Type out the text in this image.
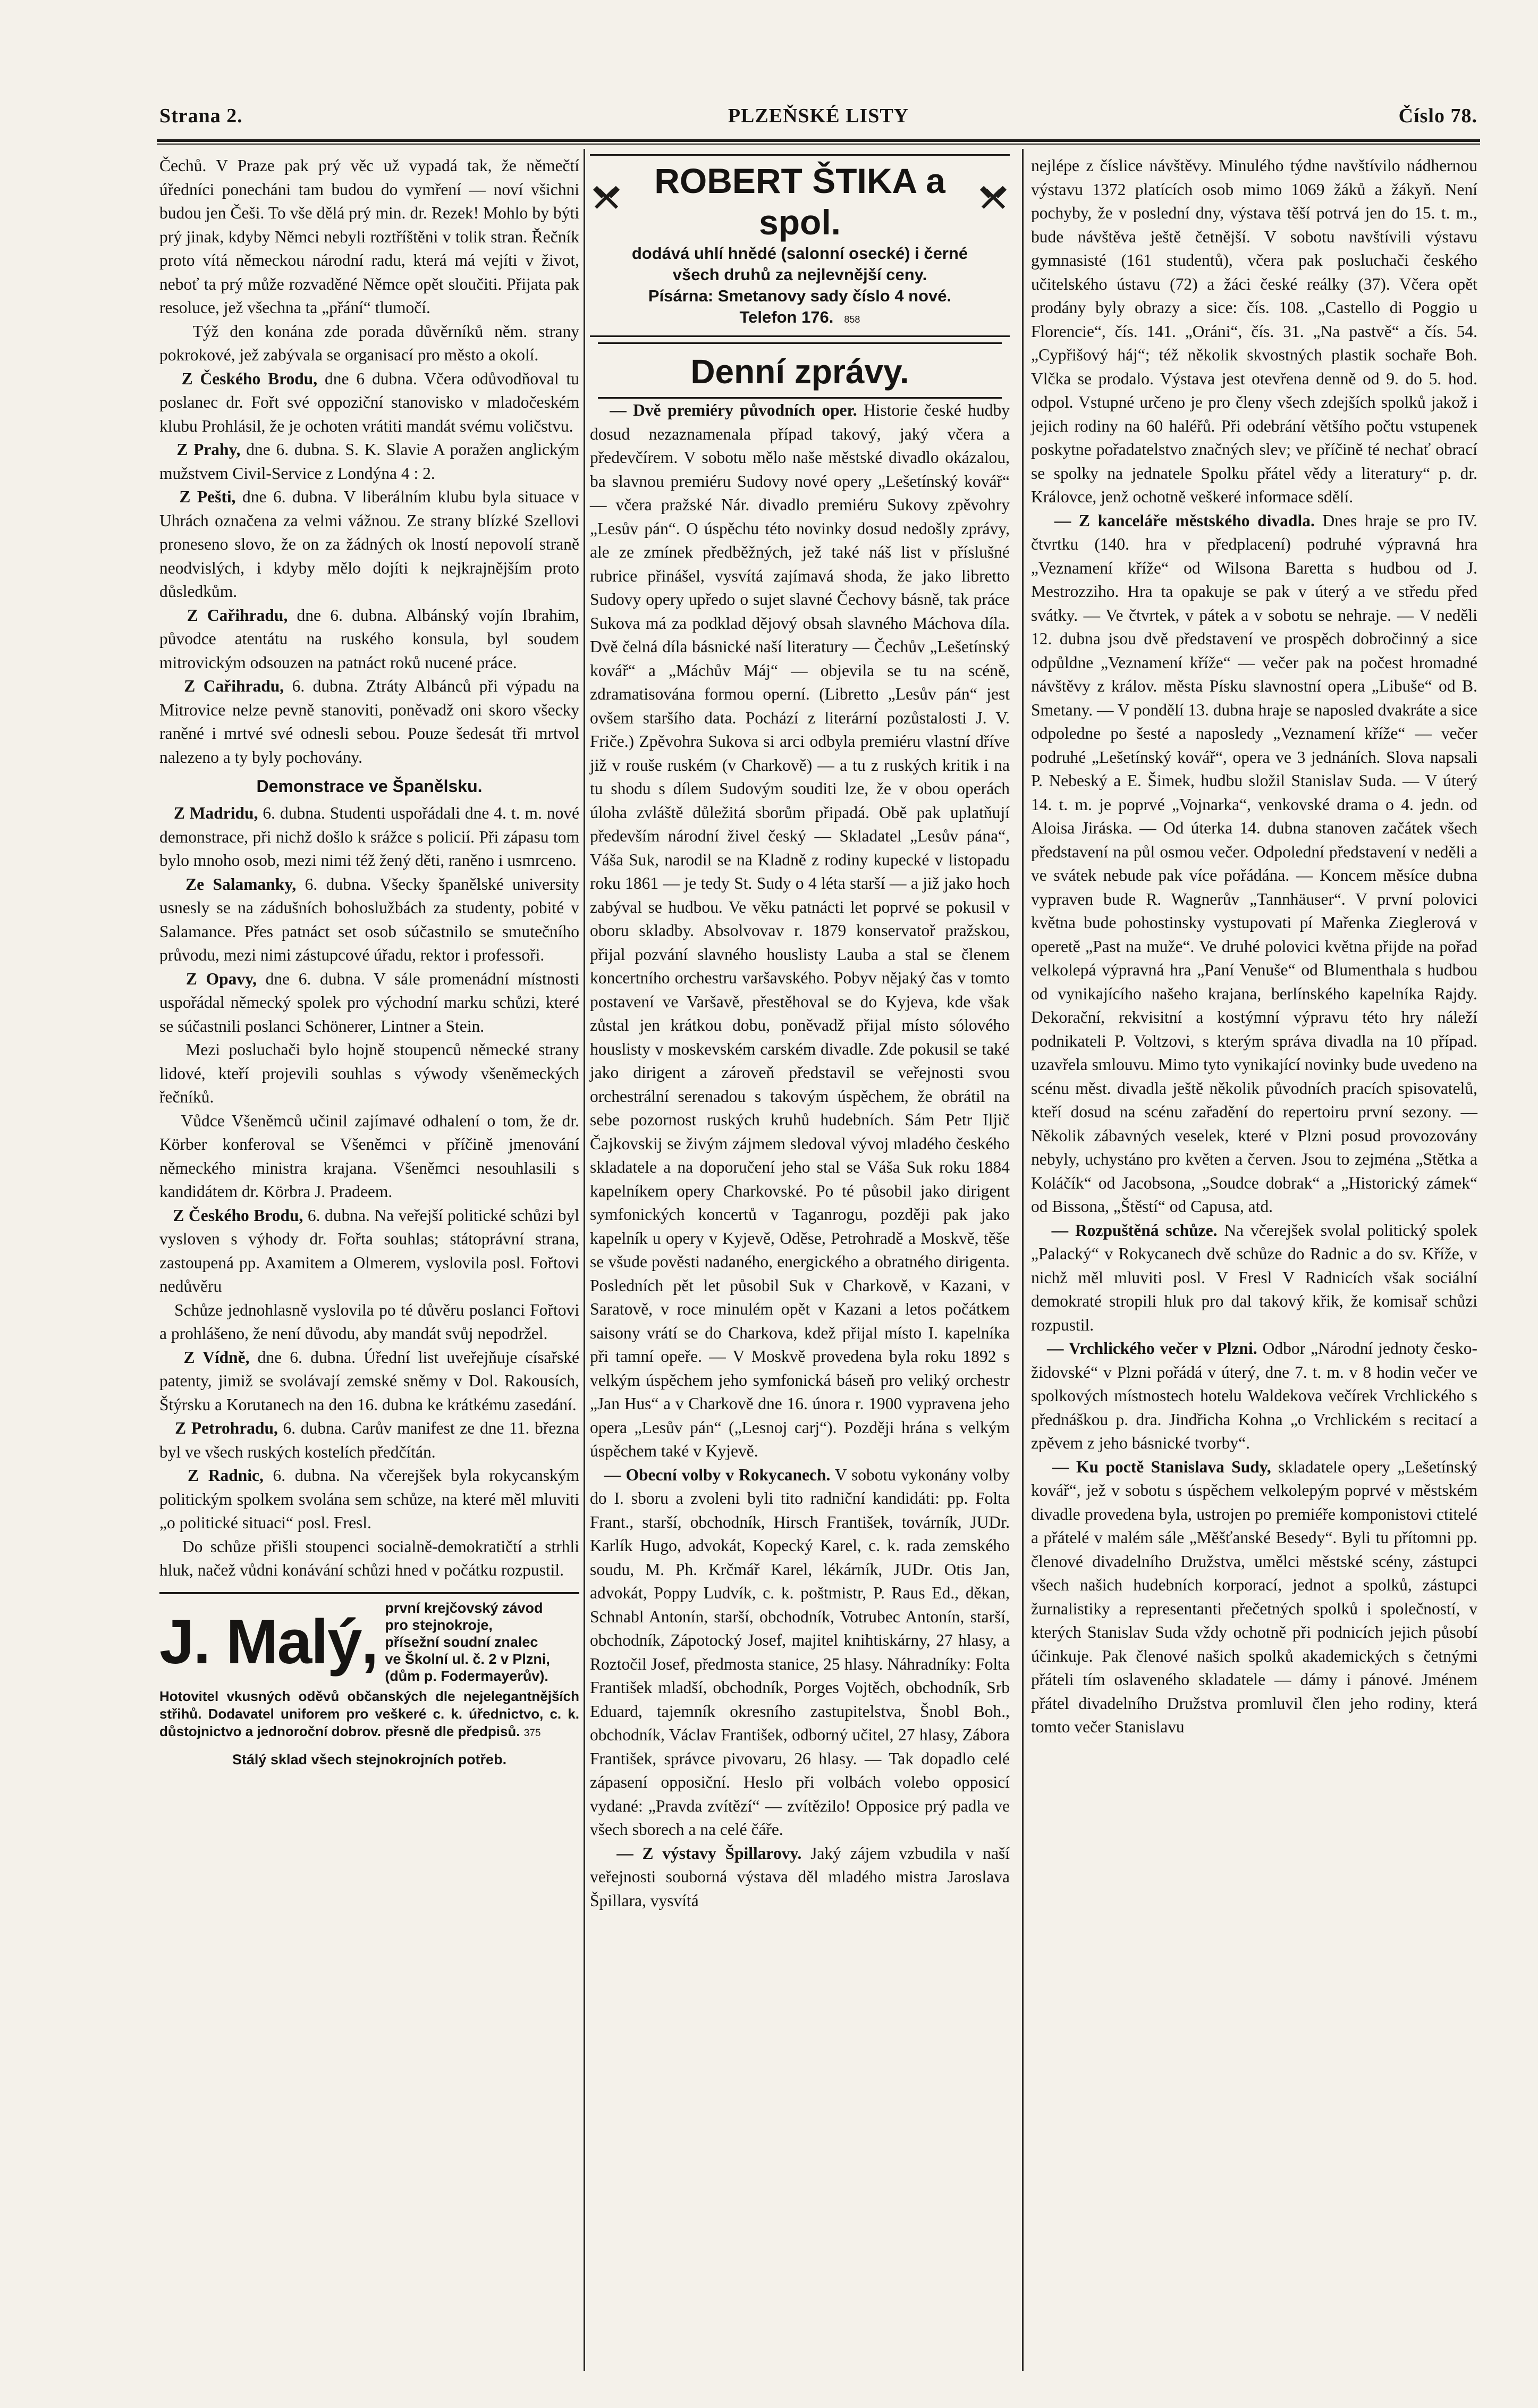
Strana 2.	PLZEŇSKÉ LISTY	Číslo 78.

Čechů. V Praze pak prý věc už vypadá tak, že němečtí úředníci ponecháni tam budou do vymření — noví všichni budou jen Češi. To vše dělá prý min. dr. Rezek! Mohlo by býti prý jinak, kdyby Němci nebyli roztříštěni v tolik stran. Řečník proto vítá německou národní radu, která má vejíti v život, neboť ta prý může rozvaděné Němce opět sloučiti. Přijata pak resoluce, jež všechna ta „přání“ tlumočí.

Týž den konána zde porada důvěrníků něm. strany pokrokové, jež zabývala se organisací pro město a okolí.

Z Českého Brodu, dne 6 dubna. Včera odůvodňoval tu poslanec dr. Fořt své oppoziční stanovisko v mladočeském klubu Prohlásil, že je ochoten vrátiti mandát svému voličstvu.

Z Prahy, dne 6. dubna. S. K. Slavie A poražen anglickým mužstvem Civil-Service z Londýna 4 : 2.

Z Pešti, dne 6. dubna. V liberálním klubu byla situace v Uhrách označena za velmi vážnou. Ze strany blízké Szellovi proneseno slovo, že on za žádných ok lností nepovolí straně neodvislých, i kdyby mělo dojíti k nejkrajnějším proto důsledkům.

Z Cařihradu, dne 6. dubna. Albánský vojín Ibrahim, původce atentátu na ruského konsula, byl soudem mitrovickým odsouzen na patnáct roků nucené práce.

Z Cařihradu, 6. dubna. Ztráty Albánců při výpadu na Mitrovice nelze pevně stanoviti, poněvadž oni skoro všecky raněné i mrtvé své odnesli sebou. Pouze šedesát tři mrtvol nalezeno a ty byly pochovány.

Demonstrace ve Španělsku.

Z Madridu, 6. dubna. Studenti uspořádali dne 4. t. m. nové demonstrace, při nichž došlo k srážce s policií. Při zápasu tom bylo mnoho osob, mezi nimi též žený děti, raněno i usmrceno.

Ze Salamanky, 6. dubna. Všecky španělské university usnesly se na zádušních bohoslužbách za studenty, pobité v Salamance. Přes patnáct set osob súčastnilo se smutečního průvodu, mezi nimi zástupcové úřadu, rektor i professoři.

Z Opavy, dne 6. dubna. V sále promenádní místnosti uspořádal německý spolek pro východní marku schůzi, které se súčastnili poslanci Schönerer, Lintner a Stein.

Mezi posluchači bylo hojně stoupenců německé strany lidové, kteří projevili souhlas s výwody všeněmeckých řečníků.

Vůdce Všeněmců učinil zajímavé odhalení o tom, že dr. Körber konferoval se Všeněmci v příčině jmenování německého ministra krajana. Všeněmci nesouhlasili s kandidátem dr. Körbra J. Pradeem.

Z Českého Brodu, 6. dubna. Na veřejší politické schůzi byl vysloven s výhody dr. Fořta souhlas; státoprávní strana, zastoupená pp. Axamitem a Olmerem, vyslovila posl. Fořtovi nedůvěru

Schůze jednohlasně vyslovila po té důvěru poslanci Fořtovi a prohlášeno, že není důvodu, aby mandát svůj nepodržel.

Z Vídně, dne 6. dubna. Úřední list uveřejňuje císařské patenty, jimiž se svolávají zemské sněmy v Dol. Rakousích, Štýrsku a Korutanech na den 16. dubna ke krátkému zasedání.

Z Petrohradu, 6. dubna. Carův manifest ze dne 11. března byl ve všech ruských kostelích předčítán.

Z Radnic, 6. dubna. Na včerejšek byla rokycanským politickým spolkem svolána sem schůze, na které měl mluviti „o politické situaci“ posl. Fresl.

Do schůze přišli stoupenci socialně-demokratičtí a strhli hluk, načež vůdni konávání schůzi hned v počátku rozpustil.

J. Malý, první krejčovský závod
pro stejnokroje,
přísežní soudní znalec
ve Školní ul. č. 2 v Plzni,
(dům p. Fodermayerův).
Hotovitel vkusných oděvů občanských dle nejelegantnějších střihů. Dodavatel uniforem pro veškeré c. k. úřednictvo, c. k. důstojnictvo a jednoroční dobrov. přesně dle předpisů. 375
Stálý sklad všech stejnokrojních potřeb.
ROBERT ŠTIKA a spol.
dodává uhlí hnědé (salonní osecké) i černé
všech druhů za nejlevnější ceny.
Písárna: Smetanovy sady číslo 4 nové.
Telefon 176. 858
Denní zprávy.

— Dvě premiéry původních oper. Historie české hudby dosud nezaznamenala případ takový, jaký včera a předevčírem. V sobotu mělo naše městské divadlo okázalou, ba slavnou premiéru Sudovy nové opery „Lešetínský kovář“ — včera pražské Nár. divadlo premiéru Sukovy zpěvohry „Lesův pán“. O úspěchu této novinky dosud nedošly zprávy, ale ze zmínek předběžných, jež také náš list v příslušné rubrice přinášel, vysvítá zajímavá shoda, že jako libretto Sudovy opery upředo o sujet slavné Čechovy básně, tak práce Sukova má za podklad dějový obsah slavného Máchova díla. Dvě čelná díla básnické naší literatury — Čechův „Lešetínský kovář“ a „Máchův Máj“ — objevila se tu na scéně, zdramatisována formou operní. (Libretto „Lesův pán“ jest ovšem staršího data. Pochází z literární pozůstalosti J. V. Friče.) Zpěvohra Sukova si arci odbyla premiéru vlastní dříve již v rouše ruském (v Charkově) — a tu z ruských kritik i na tu shodu s dílem Sudovým souditi lze, že v obou operách úloha zvláště důležitá sborům připadá. Obě pak uplatňují především národní živel český — Skladatel „Lesův pána“, Váša Suk, narodil se na Kladně z rodiny kupecké v listopadu roku 1861 — je tedy St. Sudy o 4 léta starší — a již jako hoch zabýval se hudbou. Ve věku patnácti let poprvé se pokusil v oboru skladby. Absolvovav r. 1879 konservatoř pražskou, přijal pozvání slavného houslisty Lauba a stal se členem koncertního orchestru varšavského. Pobyv nějaký čas v tomto postavení ve Varšavě, přestěhoval se do Kyjeva, kde však zůstal jen krátkou dobu, poněvadž přijal místo sólového houslisty v moskevském carském divadle. Zde pokusil se také jako dirigent a zároveň představil se veřejnosti svou orchestrální serenadou s takovým úspěchem, že obrátil na sebe pozornost ruských kruhů hudebních. Sám Petr Iljič Čajkovskij se živým zájmem sledoval vývoj mladého českého skladatele a na doporučení jeho stal se Váša Suk roku 1884 kapelníkem opery Charkovské. Po té působil jako dirigent symfonických koncertů v Taganrogu, později pak jako kapelník u opery v Kyjevě, Oděse, Petrohradě a Moskvě, těše se všude pověsti nadaného, energického a obratného dirigenta. Posledních pět let působil Suk v Charkově, v Kazani, v Saratově, v roce minulém opět v Kazani a letos počátkem saisony vrátí se do Charkova, kdež přijal místo I. kapelníka při tamní opeře. — V Moskvě provedena byla roku 1892 s velkým úspěchem jeho symfonická báseň pro veliký orchestr „Jan Hus“ a v Charkově dne 16. února r. 1900 vypravena jeho opera „Lesův pán“ („Lesnoj carj“). Později hrána s velkým úspěchem také v Kyjevě.

— Obecní volby v Rokycanech. V sobotu vykonány volby do I. sboru a zvoleni byli tito radniční kandidáti: pp. Folta Frant., starší, obchodník, Hirsch František, továrník, JUDr. Karlík Hugo, advokát, Kopecký Karel, c. k. rada zemského soudu, M. Ph. Krčmář Karel, lékárník, JUDr. Otis Jan, advokát, Poppy Ludvík, c. k. poštmistr, P. Raus Ed., děkan, Schnabl Antonín, starší, obchodník, Votrubec Antonín, starší, obchodník, Zápotocký Josef, majitel knihtiskárny, 27 hlasy, a Roztočil Josef, předmosta stanice, 25 hlasy. Náhradníky: Folta František mladší, obchodník, Porges Vojtěch, obchodník, Srb Eduard, tajemník okresního zastupitelstva, Šnobl Boh., obchodník, Václav František, odborný učitel, 27 hlasy, Zábora František, správce pivovaru, 26 hlasy. — Tak dopadlo celé zápasení opposiční. Heslo při volbách volebo opposicí vydané: „Pravda zvítězí“ — zvítězilo! Opposice prý padla ve všech sborech a na celé čáře.

— Z výstavy Špillarovy. Jaký zájem vzbudila v naší veřejnosti souborná výstava děl mladého mistra Jaroslava Špillara, vysvítá

nejlépe z číslice návštěvy. Minulého týdne navštívilo nádhernou výstavu 1372 platících osob mimo 1069 žáků a žákyň. Není pochyby, že v poslední dny, výstava těší potrvá jen do 15. t. m., bude návštěva ještě četnější. V sobotu navštívili výstavu gymnasisté (161 studentů), včera pak posluchači českého učitelského ústavu (72) a žáci české reálky (37). Včera opět prodány byly obrazy a sice: čís. 108. „Castello di Poggio u Florencie“, čís. 141. „Oráni“, čís. 31. „Na pastvě“ a čís. 54. „Cypřišový háj“; též několik skvostných plastik sochaře Boh. Vlčka se prodalo. Výstava jest otevřena denně od 9. do 5. hod. odpol. Vstupné určeno je pro členy všech zdejších spolků jakož i jejich rodiny na 60 haléřů. Při odebrání většího počtu vstupenek poskytne pořadatelstvo značných slev; ve příčině té nechať obrací se spolky na jednatele Spolku přátel vědy a literatury“ p. dr. Královce, jenž ochotně veškeré informace sdělí.

— Z kanceláře městského divadla. Dnes hraje se pro IV. čtvrtku (140. hra v předplacení) podruhé výpravná hra „Veznamení kříže“ od Wilsona Baretta s hudbou od J. Mestrozziho. Hra ta opakuje se pak v úterý a ve středu před svátky. — Ve čtvrtek, v pátek a v sobotu se nehraje. — V neděli 12. dubna jsou dvě představení ve prospěch dobročinný a sice odpůldne „Veznamení kříže“ — večer pak na počest hromadné návštěvy z králov. města Písku slavnostní opera „Libuše“ od B. Smetany. — V pondělí 13. dubna hraje se naposled dvakráte a sice odpoledne po šesté a naposledy „Veznamení kříže“ — večer podruhé „Lešetínský kovář“, opera ve 3 jednáních. Slova napsali P. Nebeský a E. Šimek, hudbu složil Stanislav Suda. — V úterý 14. t. m. je poprvé „Vojnarka“, venkovské drama o 4. jedn. od Aloisa Jiráska. — Od úterka 14. dubna stanoven začátek všech představení na půl osmou večer. Odpolední představení v neděli a ve svátek nebude pak více pořádána. — Koncem měsíce dubna vypraven bude R. Wagnerův „Tannhäuser“. V první polovici května bude pohostinsky vystupovati pí Mařenka Zieglerová v operetě „Past na muže“. Ve druhé polovici května přijde na pořad velkolepá výpravná hra „Paní Venuše“ od Blumenthala s hudbou od vynikajícího našeho krajana, berlínského kapelníka Rajdy. Dekorační, rekvisitní a kostýmní výpravu této hry náleží podnikateli P. Voltzovi, s kterým správa divadla na 10 případ. uzavřela smlouvu. Mimo tyto vynikající novinky bude uvedeno na scénu měst. divadla ještě několik původních pracích spisovatelů, kteří dosud na scénu zařadění do repertoiru první sezony. — Několik zábavných veselek, které v Plzni posud provozovány nebyly, uchystáno pro květen a červen. Jsou to zejména „Stětka a Koláčík“ od Jacobsona, „Soudce dobrak“ a „Historický zámek“ od Bissona, „Štěstí“ od Capusa, atd.

— Rozpuštěná schůze. Na včerejšek svolal politický spolek „Palacký“ v Rokycanech dvě schůze do Radnic a do sv. Kříže, v nichž měl mluviti posl. V Fresl V Radnicích však sociální demokraté stropili hluk pro dal takový křik, že komisař schůzi rozpustil.

— Vrchlického večer v Plzni. Odbor „Národní jednoty česko-židovské“ v Plzni pořádá v úterý, dne 7. t. m. v 8 hodin večer ve spolkových místnostech hotelu Waldekova večírek Vrchlického s přednáškou p. dra. Jindřicha Kohna „o Vrchlickém s recitací a zpěvem z jeho básnické tvorby“.

— Ku poctě Stanislava Sudy, skladatele opery „Lešetínský kovář“, jež v sobotu s úspěchem velkolepým poprvé v městském divadle provedena byla, ustrojen po premiéře komponistovi ctitelé a přátelé v malém sále „Měšťanské Besedy“. Byli tu přítomni pp. členové divadelního Družstva, umělci městské scény, zástupci všech našich hudebních korporací, jednot a spolků, zástupci žurnalistiky a representanti přečetných spolků i společností, v kterých Stanislav Suda vždy ochotně při podnicích jejich působí účinkuje. Pak členové našich spolků akademických s četnými přáteli tím oslaveného skladatele — dámy i pánové. Jménem přátel divadelního Družstva promluvil člen jeho rodiny, která tomto večer Stanislavu
